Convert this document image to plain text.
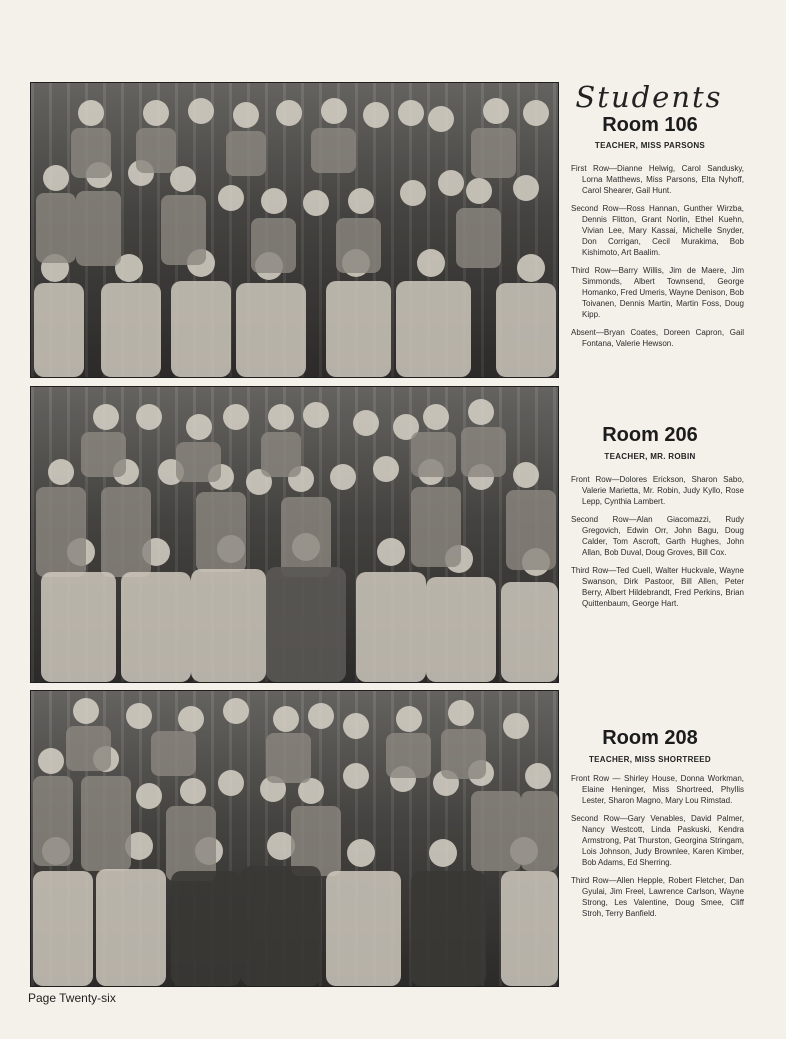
Students
Room 106
TEACHER, MISS PARSONS

First Row—Dianne Helwig, Carol Sandusky, Lorna Matthews, Miss Parsons, Elta Nyhoff, Carol Shearer, Gail Hunt.

Second Row—Ross Hannan, Gunther Wirzba, Dennis Flitton, Grant Norlin, Ethel Kuehn, Vivian Lee, Mary Kassai, Michelle Snyder, Don Corrigan, Cecil Murakima, Bob Kishimoto, Art Baalim.

Third Row—Barry Willis, Jim de Maere, Jim Simmonds, Albert Townsend, George Homanko, Fred Umeris, Wayne Denison, Bob Toivanen, Dennis Martin, Martin Foss, Doug Kipp.

Absent—Bryan Coates, Doreen Capron, Gail Fontana, Valerie Hewson.

Room 206
TEACHER, MR. ROBIN

Front Row—Dolores Erickson, Sharon Sabo, Valerie Marietta, Mr. Robin, Judy Kyllo, Rose Lepp, Cynthia Lambert.

Second Row—Alan Giacomazzi, Rudy Gregovich, Edwin Orr, John Bagu, Doug Calder, Tom Ascroft, Garth Hughes, John Allan, Bob Duval, Doug Groves, Bill Cox.

Third Row—Ted Cuell, Walter Huckvale, Wayne Swanson, Dirk Pastoor, Bill Allen, Peter Berry, Albert Hildebrandt, Fred Perkins, Brian Quittenbaum, George Hart.

Room 208
TEACHER, MISS SHORTREED

Front Row — Shirley House, Donna Workman, Elaine Heninger, Miss Shortreed, Phyllis Lester, Sharon Magno, Mary Lou Rimstad.

Second Row—Gary Venables, David Palmer, Nancy Westcott, Linda Paskuski, Kendra Armstrong, Pat Thurston, Georgina Stringam, Lois Johnson, Judy Brownlee, Karen Kimber, Bob Adams, Ed Sherring.

Third Row—Allen Hepple, Robert Fletcher, Dan Gyulai, Jim Freel, Lawrence Carlson, Wayne Strong, Les Valentine, Doug Smee, Cliff Stroh, Terry Banfield.

Page Twenty-six
